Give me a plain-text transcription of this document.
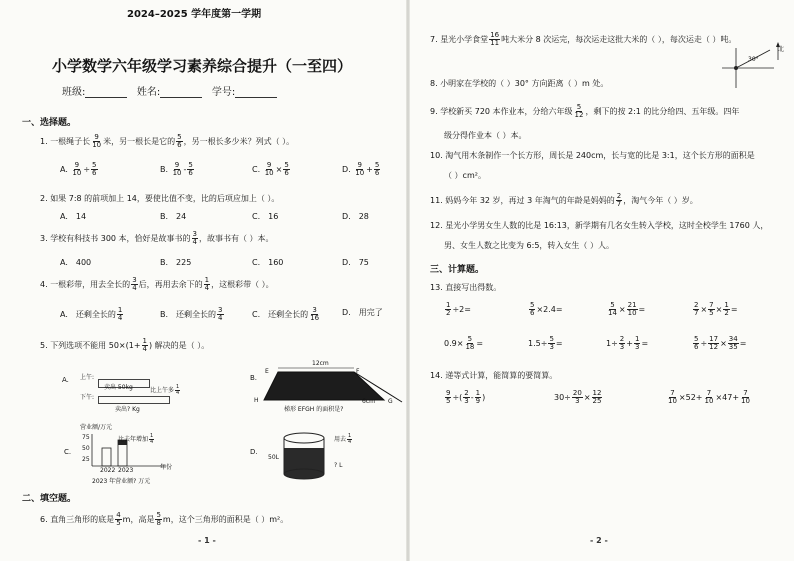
2024–2025 学年度第一学期
小学数学六年级学习素养综合提升（一至四）
班级:	姓名:	学号:
一、选择题。
1. 一根绳子长 $\frac{9}{10}$ 米，另一根长是它的 $\frac{5}{6}$ ，另一根长多少米？列式（ ）。
A. $\frac{9}{10} \div \frac{5}{6}$	B. $\frac{9}{10} - \frac{5}{6}$	C. $\frac{9}{10} \times \frac{5}{6}$	D. $\frac{9}{10} + \frac{5}{6}$
2. 如果 7:8 的前项加上 14，要使比值不变，比的后项应加上（ ）。
A.　14	B.　24	C.　16	D.　28
3. 学校有科技书 300 本，恰好是故事书的 $\frac{3}{4}$ ，故事书有（ ）本。
A.　400	B.　225	C.　160	D.　75
4. 一根彩带，用去全长的 $\frac{3}{4}$ 后，再用去余下的 $\frac{1}{4}$ ，这根彩带（ ）。
A.　还剩全长的 $\frac{1}{4}$	B.　还剩全长的 $\frac{3}{4}$	C.　还剩全长的 $\frac{3}{16}$	D.　用完了
5. 下列选项不能用 $50\times(1+ \frac{1}{4}$ ) 解决的是（ ）。
A. 上午:
卖出 50kg
下午:
比上午多 $\frac{1}{4}$
卖出? Kg
B.
12cm
E	F
G
H	6cm
梯形 EFGH 的面积是?
C.
营业额/万元
75
50
25
比去年增加 $\frac{1}{4}$
2022 2023	年份
2023 年营业额? 万元
D.
用去 $\frac{1}{4}$
50L
? L
二、填空题。
6. 直角三角形的底是 $\frac{4}{5}$ m，高是 $\frac{5}{8}$ m，这个三角形的面积是（ ）m²。
- 1 -
7. 星光小学食堂 $\frac{16}{11}$ 吨大米分 8 次运完，每次运走这批大米的（ ），每次运走（ ）吨。
北
30°
8. 小明家在学校的（ ）30° 方向距离（ ）m 处。
9. 学校新买 720 本作业本，分给六年级 $\frac{5}{12}$ ，剩下的按 2:1 的比分给四、五年级。四年
级分得作业本（ ）本。
10. 淘气用木条制作一个长方形，周长是 240cm，长与宽的比是 3:1，这个长方形的面积是
（ ）cm²。
11. 妈妈今年 32 岁，再过 3 年淘气的年龄是妈妈的 $\frac{2}{7}$ ，淘气今年（ ）岁。
12. 星光小学男女生人数的比是 16:13，新学期有几名女生转入学校，这时全校学生 1760 人，
男、女生人数之比变为 6:5，转入女生（ ）人。
三、计算题。
13. 直接写出得数。
$\frac{1}{2} \div 2=$	$\frac{5}{6} \times 2.4=$	$\frac{5}{14} \times \frac{21}{10}$ =	$\frac{2}{7} \times \frac{7}{5} \times \frac{1}{2}$ =
$0.9\times \frac{5}{18}$ =	$1.5\div \frac{5}{3}$ =	$1\div \frac{2}{3} + \frac{1}{3}$ =	$\frac{5}{6} \div \frac{17}{12} \times \frac{34}{35}$ =
14. 递等式计算，能简算的要简算。
$\frac{9}{5}$ ÷( $\frac{2}{3} - \frac{1}{9}$ )	$30\div \frac{20}{3} \times \frac{12}{25}$	$\frac{7}{10} \times 52+ \frac{7}{10} \times 47+ \frac{7}{10}$
- 2 -
